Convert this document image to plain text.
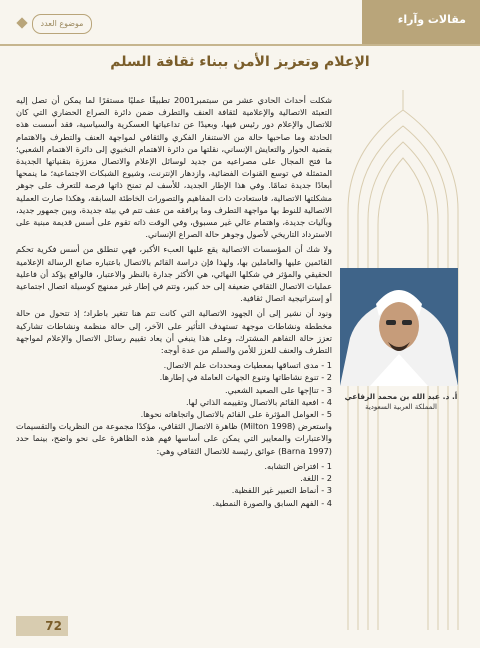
مقالات وآراء
موضوع العدد
الإعلام وتعزيز الأمن ببناء ثقافة السلم
أ. د. عبد الله بن محمد الرفاعي
المملكة العربية السعودية

شكلت أحداث الحادي عشر من سبتمبر2001 تطبيقًا عمليًا مستقرًا لما يمكن أن تصل إليه التعبئة الاتصالية والإعلامية لثقافة العنف والتطرف ضمن دائرة الصراع الحضاري التي كان للاتصال والإعلام دور رئيس فيها، وبعيدًا عن تداعياتها العسكرية والسياسية، فقد أسست هذه الحادثة وما صاحبها حالة من الاستنفار الفكري والثقافي لمواجهة العنف والتطرف والاهتمام بقضية الحوار والتعايش الإنساني، نقلتها من دائرة الاهتمام النخبوي إلى دائرة الاهتمام الشعبي؛ ما فتح المجال على مصراعيه من جديد لوسائل الإعلام والاتصال معززة بتقنياتها الجديدة المتمثلة في توسع القنوات الفضائية، وازدهار الإنترنت، وشيوع الشبكات الاجتماعية؛ ما ينمحها أبعادًا جديدة تمامًا. وفي هذا الإطار الجديد، للأسف لم تمنح ذاتها فرصة للتعرف على جوهر مشكلتها الاتصالية، فاستعادت ذات المفاهيم والتصورات الخاطئة السابقة، وهكذا صارت العملية الاتصالية للنوط بها مواجهة التطرف وما يرافقه من عنف تتم في بيئة جديدة، وبين جمهور جديد، وبآليات جديدة، واهتمام عالي غير مسبوق، وفي الوقت ذاته تقوم على أسس قديمة مبنية على الاسترداد التاريخي لأصول وجوهر حالة الصراع الإنساني.

ولا شك أن المؤسسات الاتصالية يقع عليها العبء الأكبر، فهي تنطلق من أسس فكرية تحكم القائمين عليها والعاملين بها، ولهذا فإن دراسة القائم بالاتصال باعتباره صانع الرسالة الإعلامية الحقيقي والمؤثر في شكلها النهائي، هي الأكثر جدارة بالنظر والاعتبار، فالواقع يؤكد أن فاعلية عمليات الاتصال الثقافي ضعيفة إلى حد كبير، وتتم في إطار غير ممنهج كوسيلة اتصال اجتماعية أو إستراتيجية اتصال ثقافية.

ونود أن نشير إلى أن الجهود الاتصالية التي كانت تتم هنا تتغير باطراد؛ إذ تتحول من حالة مخططة ونشاطات موجهة تستهدف التأثير على الآخر، إلى حالة منظمة ونشاطات تشاركية تعزز حالة التفاهم المشترك، وعلى هذا ينبغي أن يعاد تقييم رسائل الاتصال والإعلام لمواجهة التطرف والعنف للعزز للأمن والسلم من عدة أوجه:

1 - مدى اتساقها بمعطيات ومحددات علم الاتصال.
2 - تنوع نشاطاتها وتنوع الجهات العاملة في إطارها.
3 - تناإجها على الصعيد الشعبي.
4 - افعية القائم بالاتصال وتقييمه الذاتي لها.
5 - العوامل المؤثرة على القائم بالاتصال واتجاهاته نحوها.

واستعرض (Milton 1998) ظاهرة الاتصال الثقافي، مؤكدًا مجموعة من النظريات والتقسيمات والاعتبارات والمعايير التي يمكن على أساسها فهم هذه الظاهرة على نحو واضح، بينما حدد (Barna 1997) عوائق رئيسة للاتصال الثقافي وهي:

1 - افتراض التشابه.
2 - اللغة.
3 - أنماط التعبير غير اللفظية.
4 - الفهم السابق والصورة النمطية.
72
